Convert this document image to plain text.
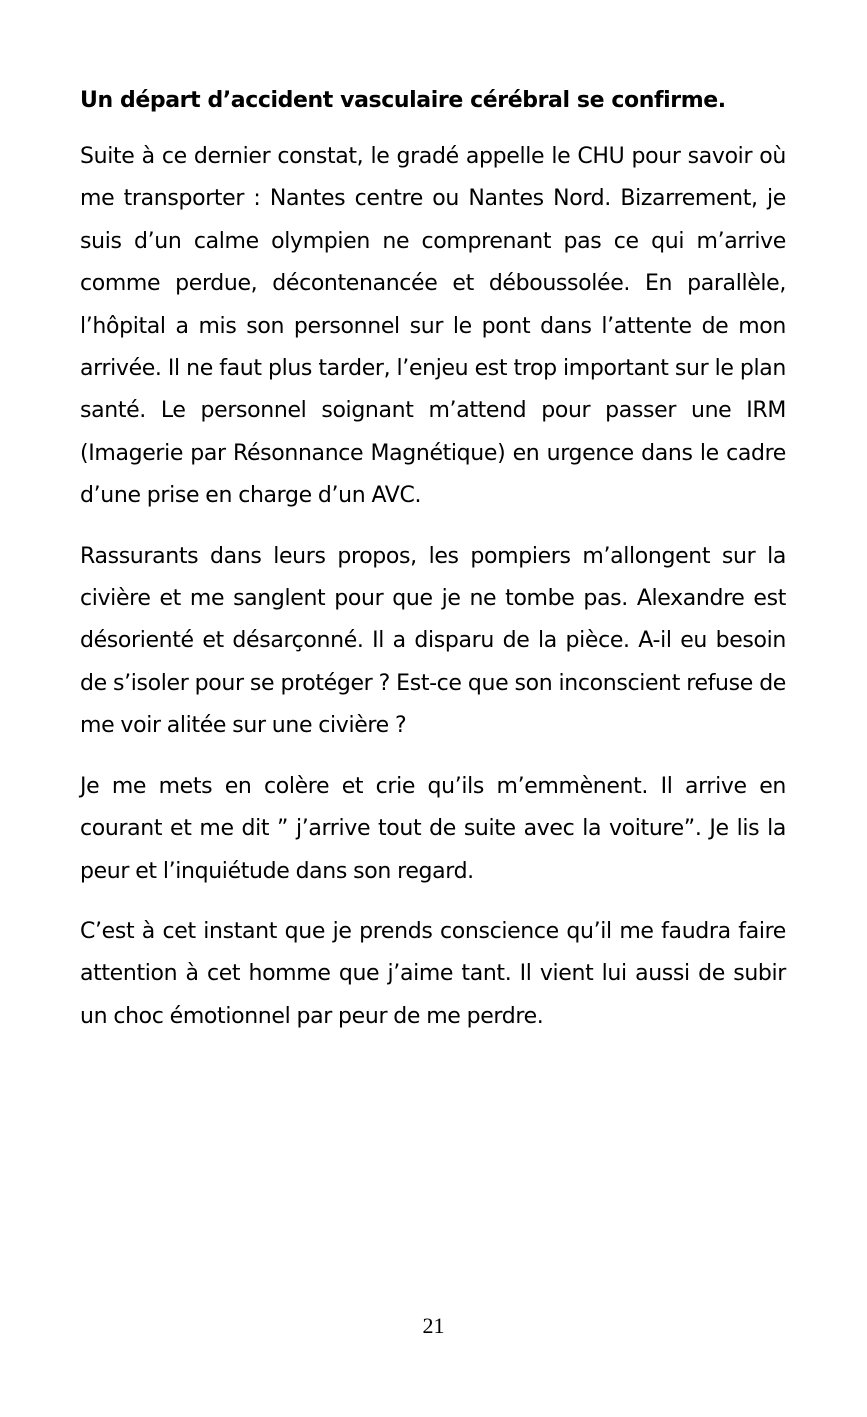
Un départ d’accident vasculaire cérébral se confirme.

Suite à ce dernier constat, le gradé appelle le CHU pour savoir où me transporter : Nantes centre ou Nantes Nord. Bizarrement, je suis d’un calme olympien ne comprenant pas ce qui m’arrive comme perdue, décontenancée et déboussolée. En parallèle, l’hôpital a mis son personnel sur le pont dans l’attente de mon arrivée. Il ne faut plus tarder, l’enjeu est trop important sur le plan santé. Le personnel soignant m’attend pour passer une IRM (Imagerie par Résonnance Magnétique) en urgence dans le cadre d’une prise en charge d’un AVC.

Rassurants dans leurs propos, les pompiers m’allongent sur la civière et me sanglent pour que je ne tombe pas. Alexandre est désorienté et désarçonné. Il a disparu de la pièce. A-il eu besoin de s’isoler pour se protéger ? Est-ce que son inconscient refuse de me voir alitée sur une civière ?

Je me mets en colère et crie qu’ils m’emmènent. Il arrive en courant et me dit ” j’arrive tout de suite avec la voiture”. Je lis la peur et l’inquiétude dans son regard.

C’est à cet instant que je prends conscience qu’il me faudra faire attention à cet homme que j’aime tant. Il vient lui aussi de subir un choc émotionnel par peur de me perdre.

21
